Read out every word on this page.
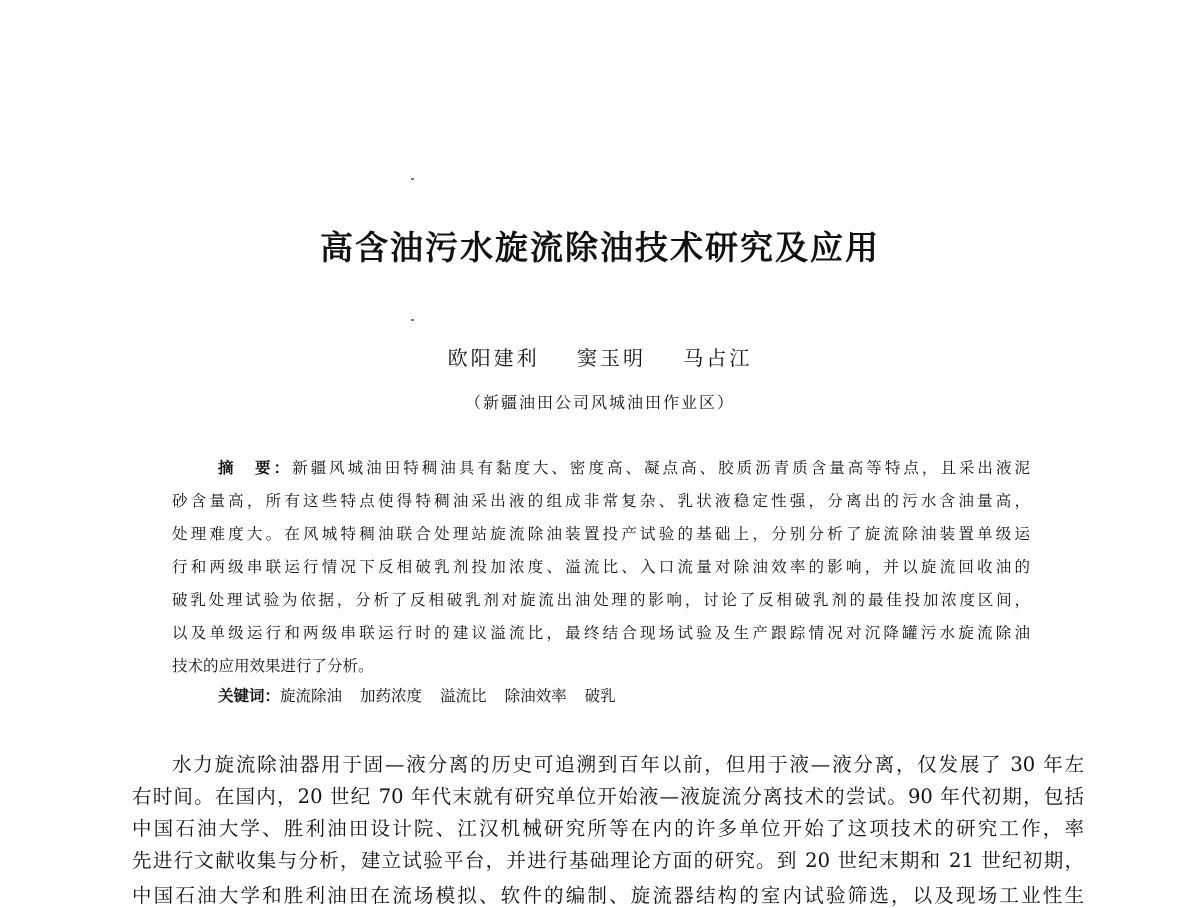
高含油污水旋流除油技术研究及应用
欧阳建利 窦玉明 马占江
（新疆油田公司风城油田作业区）
摘　要：新疆风城油田特稠油具有黏度大、密度高、凝点高、胶质沥青质含量高等特点，且采出液泥
砂含量高，所有这些特点使得特稠油采出液的组成非常复杂、乳状液稳定性强，分离出的污水含油量高，
处理难度大。在风城特稠油联合处理站旋流除油装置投产试验的基础上，分别分析了旋流除油装置单级运
行和两级串联运行情况下反相破乳剂投加浓度、溢流比、入口流量对除油效率的影响，并以旋流回收油的
破乳处理试验为依据，分析了反相破乳剂对旋流出油处理的影响，讨论了反相破乳剂的最佳投加浓度区间，
以及单级运行和两级串联运行时的建议溢流比，最终结合现场试验及生产跟踪情况对沉降罐污水旋流除油
技术的应用效果进行了分析。
关键词：旋流除油 加药浓度 溢流比 除油效率 破乳
水力旋流除油器用于固—液分离的历史可追溯到百年以前，但用于液—液分离，仅发展了 30 年左
右时间。在国内，20 世纪 70 年代末就有研究单位开始液—液旋流分离技术的尝试。90 年代初期，包括
中国石油大学、胜利油田设计院、江汉机械研究所等在内的许多单位开始了这项技术的研究工作，率
先进行文献收集与分析，建立试验平台，并进行基础理论方面的研究。到 20 世纪末期和 21 世纪初期，
中国石油大学和胜利油田在流场模拟、软件的编制、旋流器结构的室内试验筛选，以及现场工业性生
